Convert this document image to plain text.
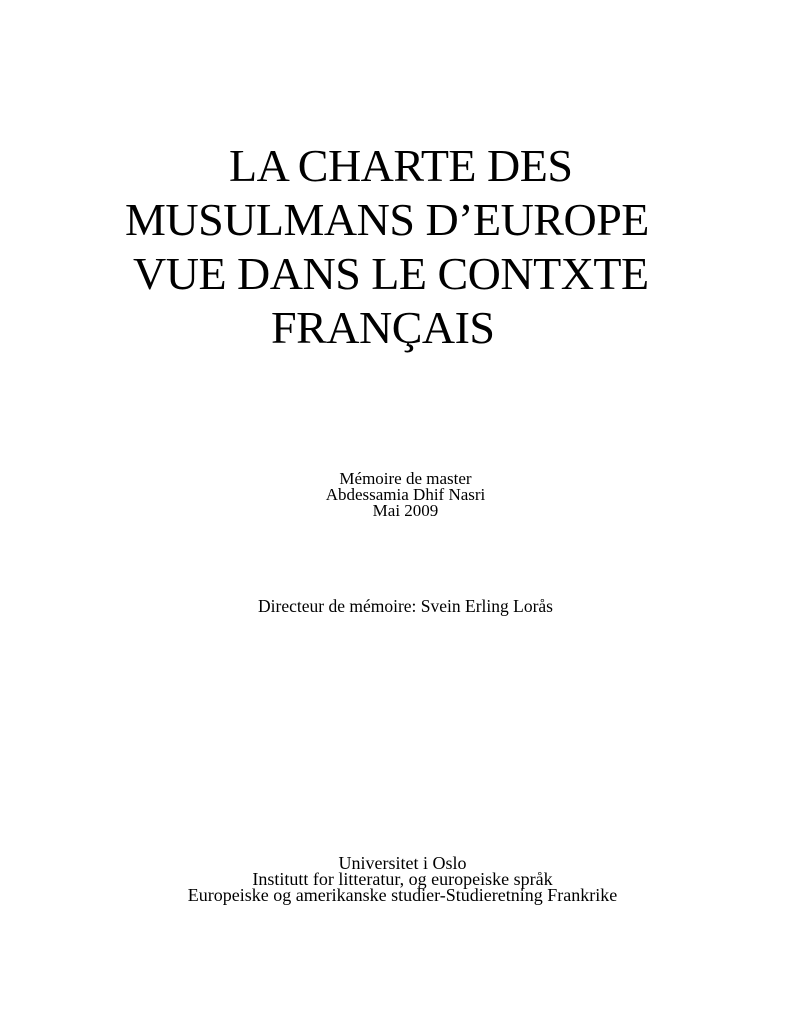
LA CHARTE DES
MUSULMANS D’EUROPE
VUE DANS LE CONTXTE
FRANÇAIS
Mémoire de master
Abdessamia Dhif Nasri
Mai 2009
Directeur de mémoire: Svein Erling Lorås
Universitet i Oslo
Institutt for litteratur, og europeiske språk
Europeiske og amerikanske studier-Studieretning Frankrike
